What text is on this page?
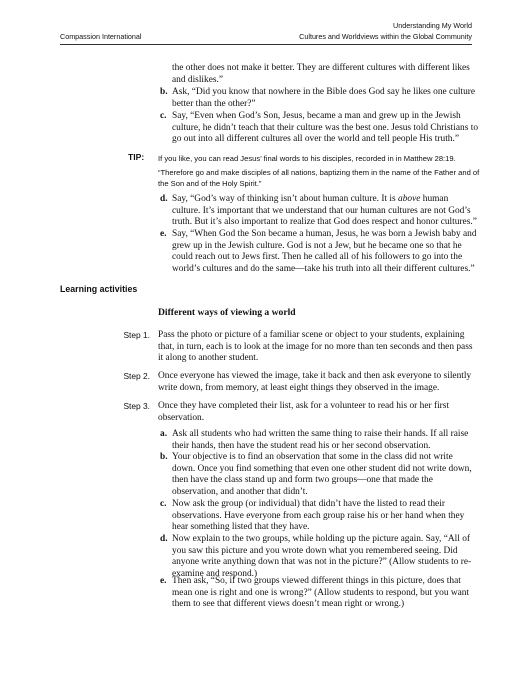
Compassion International
Understanding My World
Cultures and Worldviews within the Global Community
the other does not make it better. They are different cultures with different likes and dislikes.”
b. Ask, “Did you know that nowhere in the Bible does God say he likes one culture better than the other?”
c. Say, “Even when God’s Son, Jesus, became a man and grew up in the Jewish culture, he didn’t teach that their culture was the best one. Jesus told Christians to go out into all different cultures all over the world and tell people His truth.”
TIP: If you like, you can read Jesus’ final words to his disciples, recorded in in Matthew 28:19.
“Therefore go and make disciples of all nations, baptizing them in the name of the Father and of the Son and of the Holy Spirit.”
d. Say, “God’s way of thinking isn’t about human culture. It is above human culture. It’s important that we understand that our human cultures are not God’s truth. But it’s also important to realize that God does respect and honor cultures.”
e. Say, “When God the Son became a human, Jesus, he was born a Jewish baby and grew up in the Jewish culture. God is not a Jew, but he became one so that he could reach out to Jews first. Then he called all of his followers to go into the world’s cultures and do the same—take his truth into all their different cultures.”
Learning activities
Different ways of viewing a world
Step 1. Pass the photo or picture of a familiar scene or object to your students, explaining that, in turn, each is to look at the image for no more than ten seconds and then pass it along to another student.
Step 2. Once everyone has viewed the image, take it back and then ask everyone to silently write down, from memory, at least eight things they observed in the image.
Step 3. Once they have completed their list, ask for a volunteer to read his or her first observation.
a. Ask all students who had written the same thing to raise their hands. If all raise their hands, then have the student read his or her second observation.
b. Your objective is to find an observation that some in the class did not write down. Once you find something that even one other student did not write down, then have the class stand up and form two groups—one that made the observation, and another that didn’t.
c. Now ask the group (or individual) that didn’t have the listed to read their observations. Have everyone from each group raise his or her hand when they hear something listed that they have.
d. Now explain to the two groups, while holding up the picture again. Say, “All of you saw this picture and you wrote down what you remembered seeing. Did anyone write anything down that was not in the picture?” (Allow students to re-examine and respond.)
e. Then ask, “So, if two groups viewed different things in this picture, does that mean one is right and one is wrong?” (Allow students to respond, but you want them to see that different views doesn’t mean right or wrong.)
